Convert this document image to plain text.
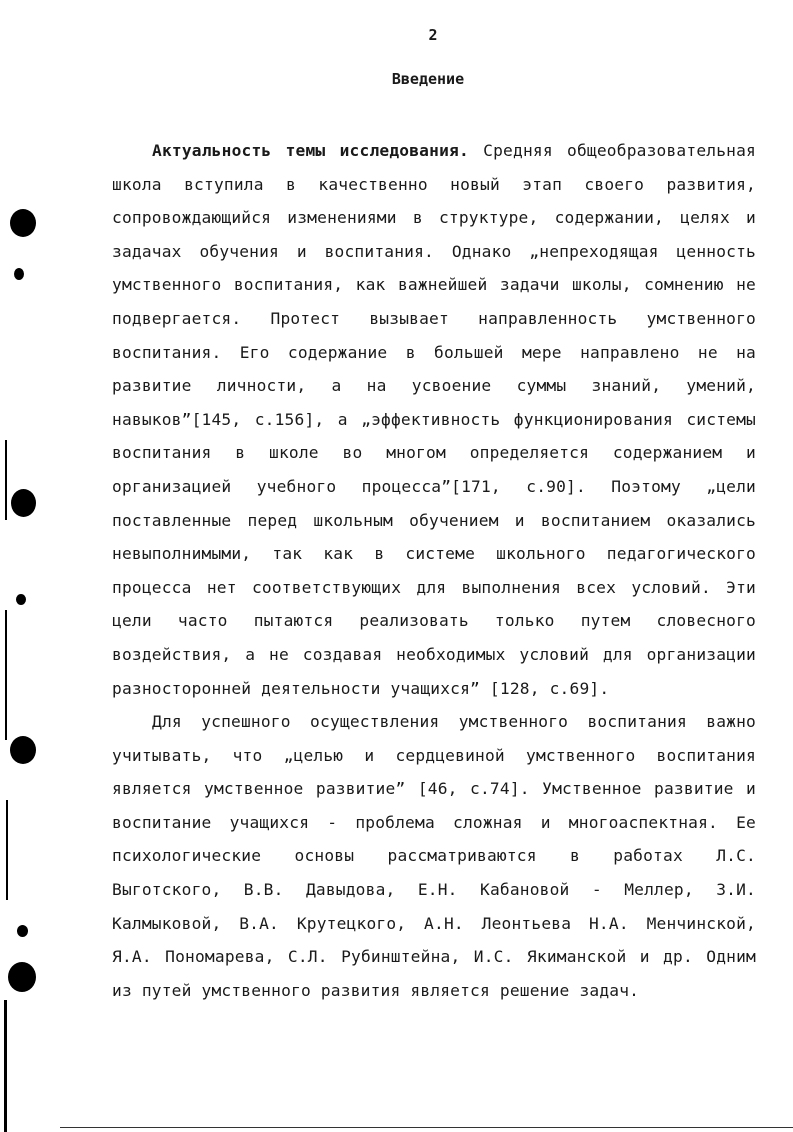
2
Введение

Актуальность темы исследования. Средняя общеобразовательная школа вступила в качественно новый этап своего развития, сопровождающийся изменениями в структуре, содержании, целях и задачах обучения и воспитания. Однако „непреходящая ценность умственного воспитания, как важнейшей задачи школы, сомнению не подвергается. Протест вызывает направленность умственного воспитания. Его содержание в большей мере направлено не на развитие личности, а на усвоение суммы знаний, умений, навыков”[145, с.156], а „эффективность функционирования системы воспитания в школе во многом определяется содержанием и организацией учебного процесса”[171, с.90]. Поэтому „цели поставленные перед школьным обучением и воспитанием оказались невыполнимыми, так как в системе школьного педагогического процесса нет соответствующих для выполнения всех условий. Эти цели часто пытаются реализовать только путем словесного воздействия, а не создавая необходимых условий для организации разносторонней деятельности учащихся” [128, с.69].

Для успешного осуществления умственного воспитания важно учитывать, что „целью и сердцевиной умственного воспитания является умственное развитие” [46, с.74]. Умственное развитие и воспитание учащихся - проблема сложная и многоаспектная. Ее психологические основы рассматриваются в работах Л.С. Выготского, В.В. Давыдова, Е.Н. Кабановой - Меллер, З.И. Калмыковой, В.А. Крутецкого, А.Н. Леонтьева Н.А. Менчинской, Я.А. Пономарева, С.Л. Рубинштейна, И.С. Якиманской и др. Одним из путей умственного развития является решение задач.
